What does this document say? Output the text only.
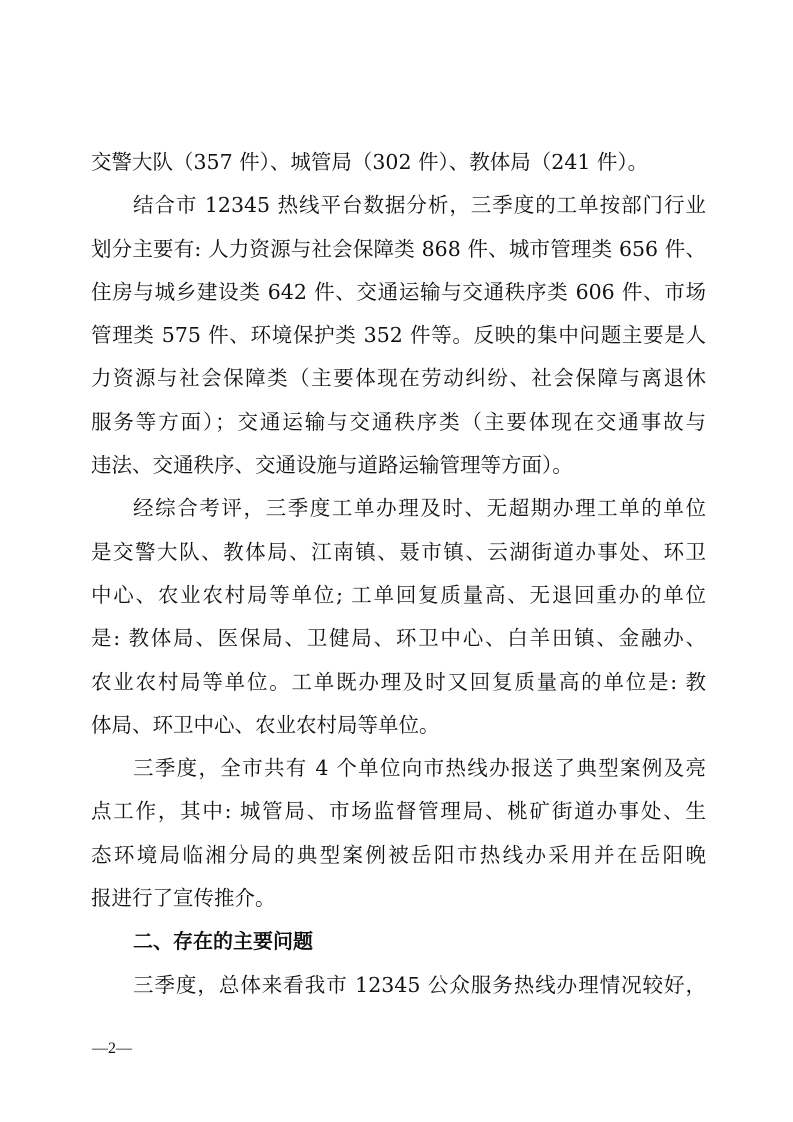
交警大队（357 件）、城管局（302 件）、教体局（241 件）。
结合市 12345 热线平台数据分析，三季度的工单按部门行业
划分主要有: 人力资源与社会保障类 868 件、城市管理类 656 件、
住房与城乡建设类 642 件、交通运输与交通秩序类 606 件、市场
管理类 575 件、环境保护类 352 件等。反映的集中问题主要是人
力资源与社会保障类（主要体现在劳动纠纷、社会保障与离退休
服务等方面）；交通运输与交通秩序类（主要体现在交通事故与
违法、交通秩序、交通设施与道路运输管理等方面）。
经综合考评，三季度工单办理及时、无超期办理工单的单位
是交警大队、教体局、江南镇、聂市镇、云湖街道办事处、环卫
中心、农业农村局等单位; 工单回复质量高、无退回重办的单位
是: 教体局、医保局、卫健局、环卫中心、白羊田镇、金融办、
农业农村局等单位。工单既办理及时又回复质量高的单位是: 教
体局、环卫中心、农业农村局等单位。
三季度，全市共有 4 个单位向市热线办报送了典型案例及亮
点工作，其中: 城管局、市场监督管理局、桃矿街道办事处、生
态环境局临湘分局的典型案例被岳阳市热线办采用并在岳阳晚
报进行了宣传推介。
二、存在的主要问题
三季度，总体来看我市 12345 公众服务热线办理情况较好，
—2—
